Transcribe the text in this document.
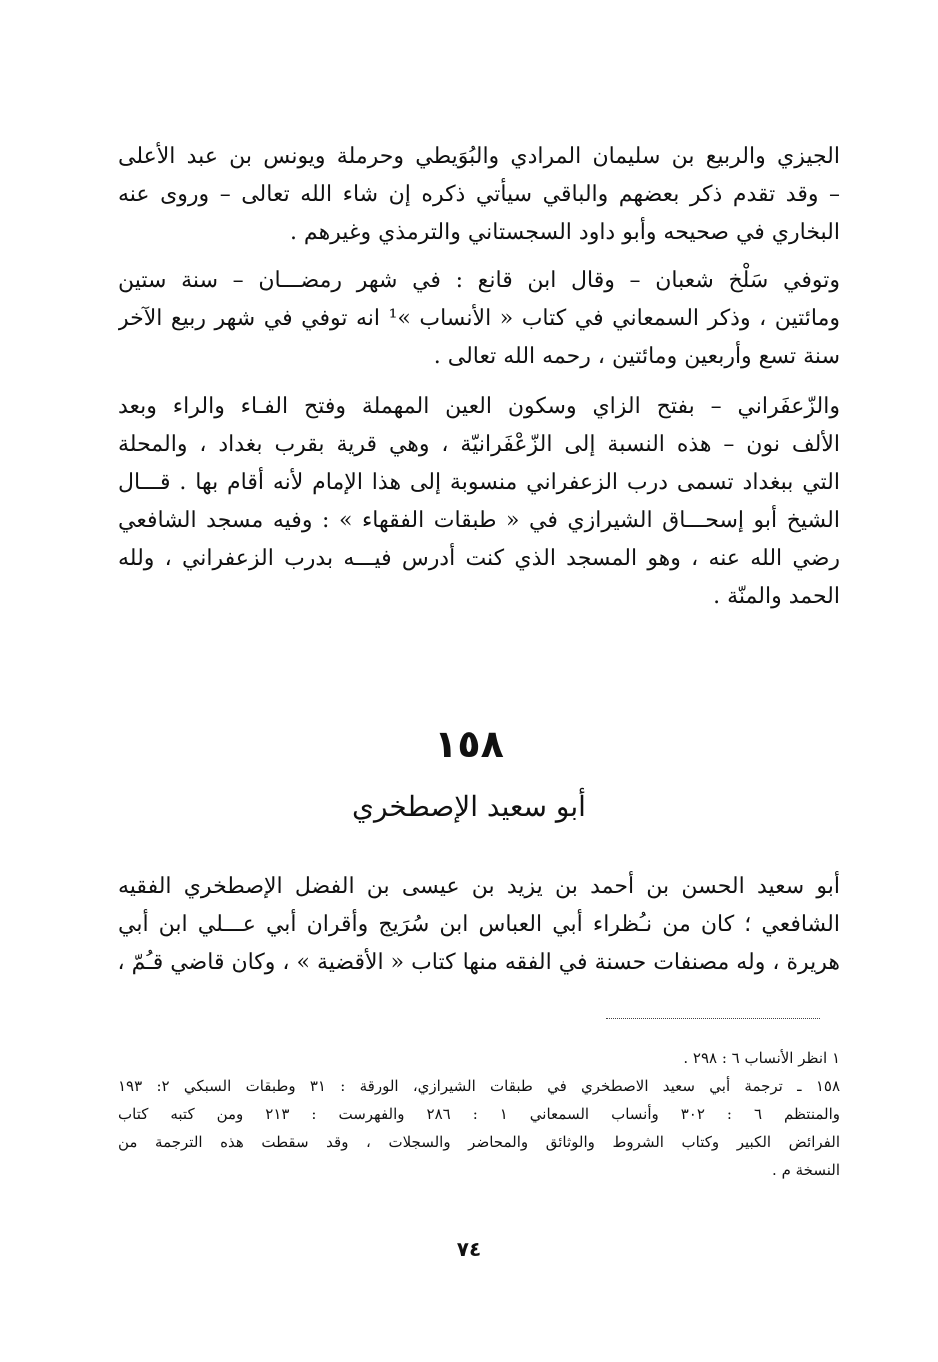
الجيزي والربيع بن سليمان المرادي والبُوَيطي وحرملة ويونس بن عبد الأعلى
– وقد تقدم ذكر بعضهم والباقي سيأتي ذكره إن شاء الله تعالى – وروى عنه
البخاري في صحيحه وأبو داود السجستاني والترمذي وغيرهم .
وتوفي سَلْخ شعبان – وقال ابن قانع : في شهر رمضـــان – سنة ستين
ومائتين ، وذكر السمعاني في كتاب « الأنساب »¹ انه توفي في شهر ربيع الآخر
سنة تسع وأربعين ومائتين ، رحمه الله تعالى .
والزّعفَراني – بفتح الزاي وسكون العين المهملة وفتح الفـاء والراء وبعد
الألف نون – هذه النسبة إلى الزّعْفَرانيّة ، وهي قرية بقرب بغداد ، والمحلة
التي ببغداد تسمى درب الزعفراني منسوبة إلى هذا الإمام لأنه أقام بها . قـــال
الشيخ أبو إسحـــاق الشيرازي في « طبقات الفقهاء » : وفيه مسجد الشافعي
رضي الله عنه ، وهو المسجد الذي كنت أدرس فيـــه بدرب الزعفراني ، ولله
الحمد والمنّة .
١٥٨
أبو سعيد الإصطخري
أبو سعيد الحسن بن أحمد بن يزيد بن عيسى بن الفضل الإصطخري الفقيه
الشافعي ؛ كان من نـُظراء أبي العباس ابن سُرَيج وأقران أبي عـــلي ابن أبي
هريرة ، وله مصنفات حسنة في الفقه منها كتاب « الأقضية » ، وكان قاضي قـُمّ ،
١ انظر الأنساب ٦ : ٢٩٨ .
١٥٨ ـ ترجمة أبي سعيد الاصطخري في طبقات الشيرازي، الورقة : ٣١ وطبقات السبكي ٢: ١٩٣
والمنتظم ٦ : ٣٠٢ وأنساب السمعاني ١ : ٢٨٦ والفهرست : ٢١٣ ومن كتبه كتاب
الفرائض الكبير وكتاب الشروط والوثائق والمحاضر والسجلات ، وقد سقطت هذه الترجمة من
النسخة م .
٧٤
